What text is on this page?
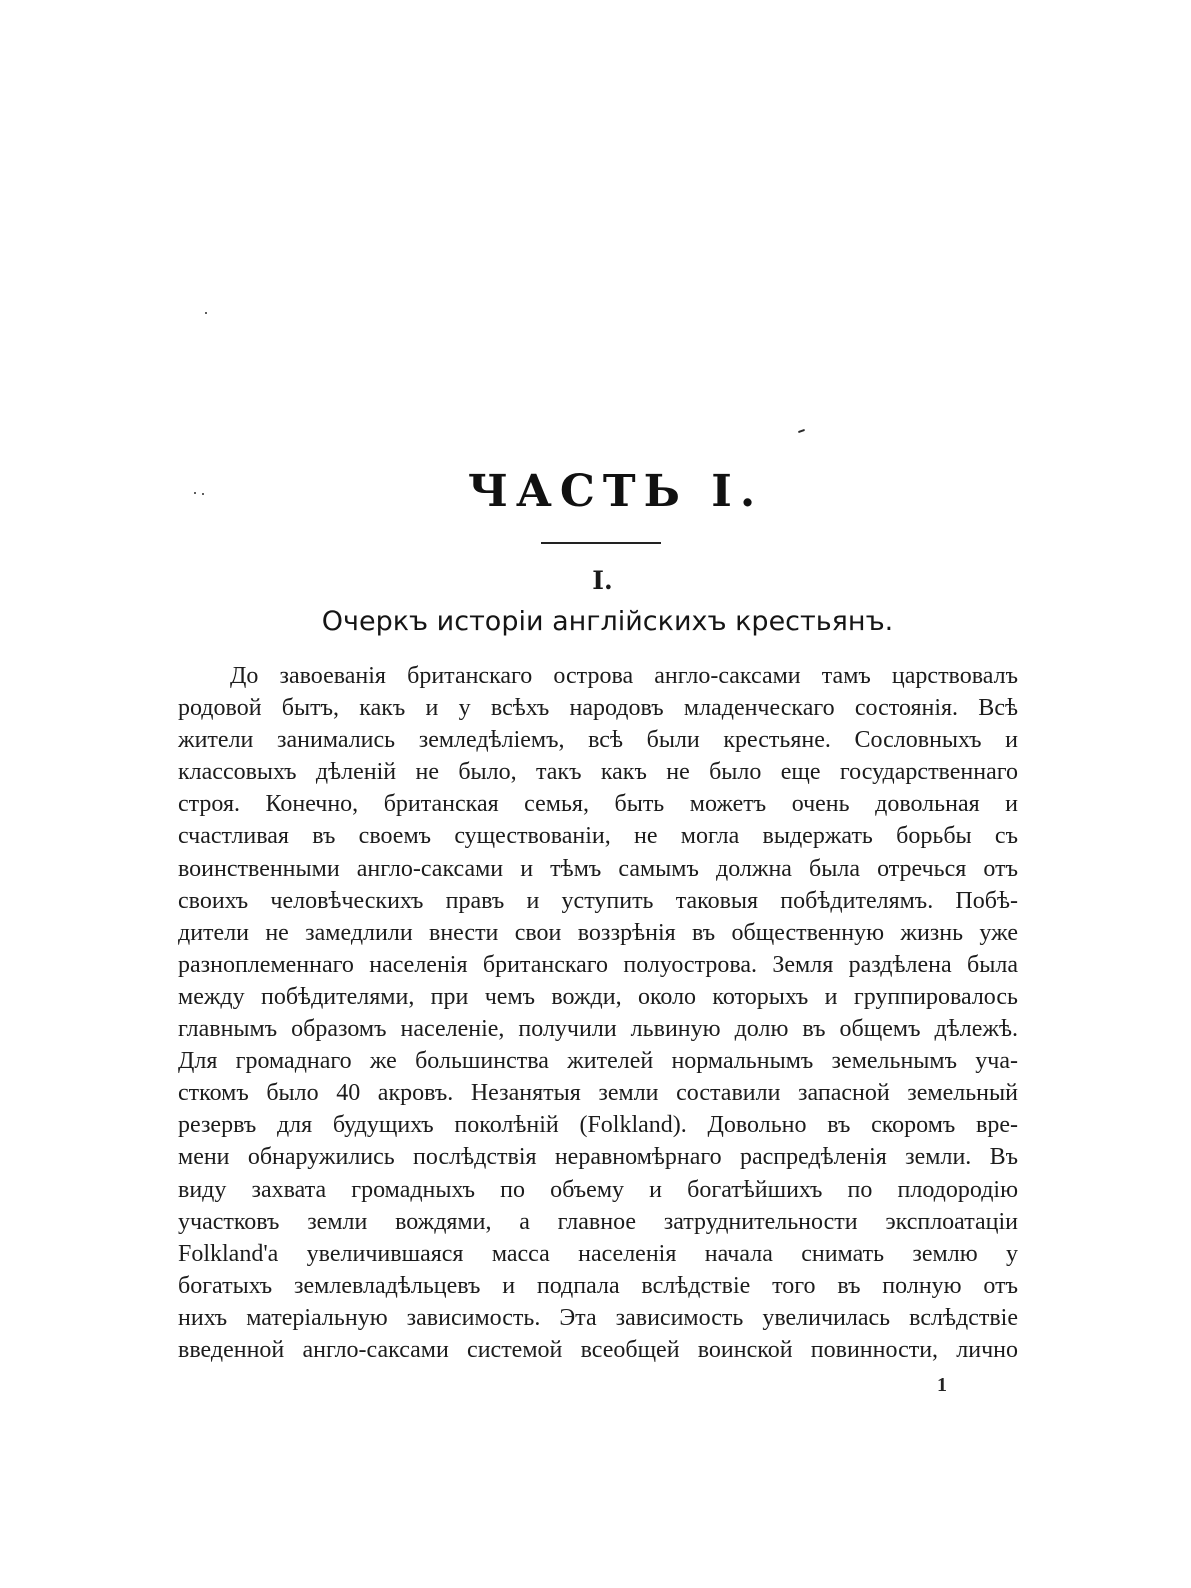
ЧАСТЬ I.
I.
Очеркъ исторіи англійскихъ крестьянъ.
До завоеванія британскаго острова англо-саксами тамъ царствовалъ
родовой бытъ, какъ и у всѣхъ народовъ младенческаго состоянія. Всѣ
жители занимались земледѣліемъ, всѣ были крестьяне. Сословныхъ и
классовыхъ дѣленій не было, такъ какъ не было еще государственнаго
строя. Конечно, британская семья, быть можетъ очень довольная и
счастливая въ своемъ существованіи, не могла выдержать борьбы съ
воинственными англо-саксами и тѣмъ самымъ должна была отречься отъ
своихъ человѣческихъ правъ и уступить таковыя побѣдителямъ. Побѣ-
дители не замедлили внести свои воззрѣнія въ общественную жизнь уже
разноплеменнаго населенія британскаго полуострова. Земля раздѣлена была
между побѣдителями, при чемъ вожди, около которыхъ и группировалось
главнымъ образомъ населеніе, получили львиную долю въ общемъ дѣлежѣ.
Для громаднаго же большинства жителей нормальнымъ земельнымъ уча-
сткомъ было 40 акровъ. Незанятыя земли составили запасной земельный
резервъ для будущихъ поколѣній (Folkland). Довольно въ скоромъ вре-
мени обнаружились послѣдствія неравномѣрнаго распредѣленія земли. Въ
виду захвата громадныхъ по объему и богатѣйшихъ по плодородію
участковъ земли вождями, а главное затруднительности эксплоатаціи
Folkland'а увеличившаяся масса населенія начала снимать землю у
богатыхъ землевладѣльцевъ и подпала вслѣдствіе того въ полную отъ
нихъ матеріальную зависимость. Эта зависимость увеличилась вслѣдствіе
введенной англо-саксами системой всеобщей воинской повинности, лично
1
